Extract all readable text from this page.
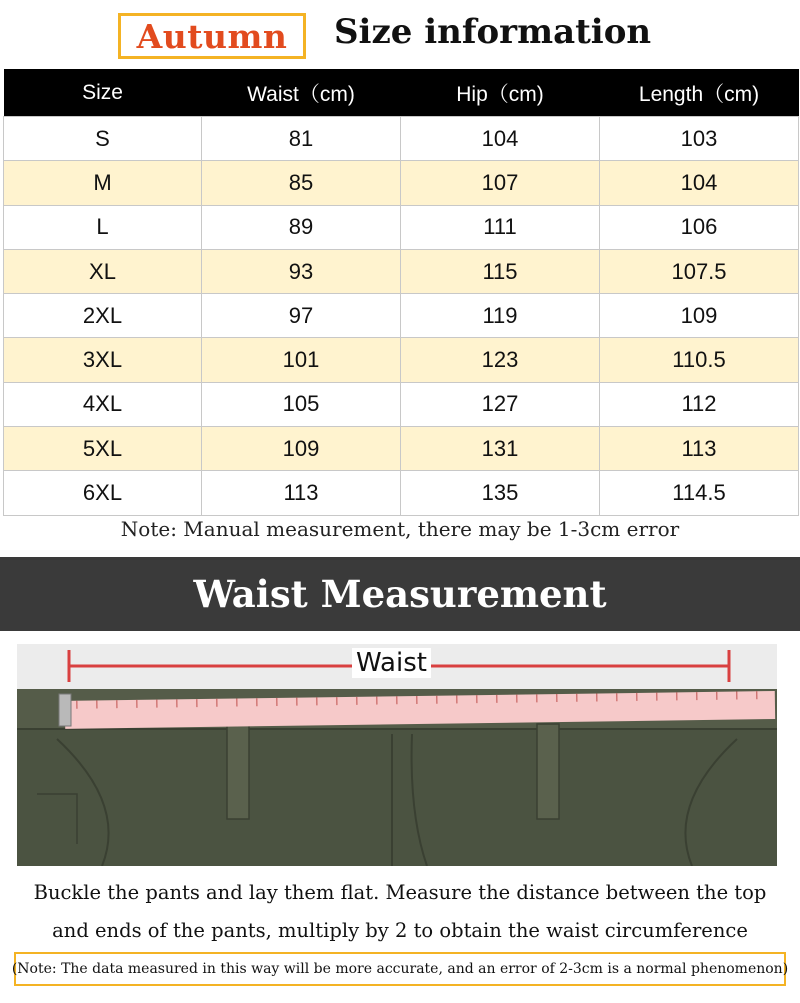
Autumn Size information
Size	Waist（cm)	Hip（cm)	Length（cm)
S	81	104	103
M	85	107	104
L	89	111	106
XL	93	115	107.5
2XL	97	119	109
3XL	101	123	110.5
4XL	105	127	112
5XL	109	131	113
6XL	113	135	114.5
Note: Manual measurement, there may be 1-3cm error
Waist Measurement
Waist
Buckle the pants and lay them flat. Measure the distance between the top
and ends of the pants, multiply by 2 to obtain the waist circumference
(Note: The data measured in this way will be more accurate, and an error of 2-3cm is a normal phenomenon)
